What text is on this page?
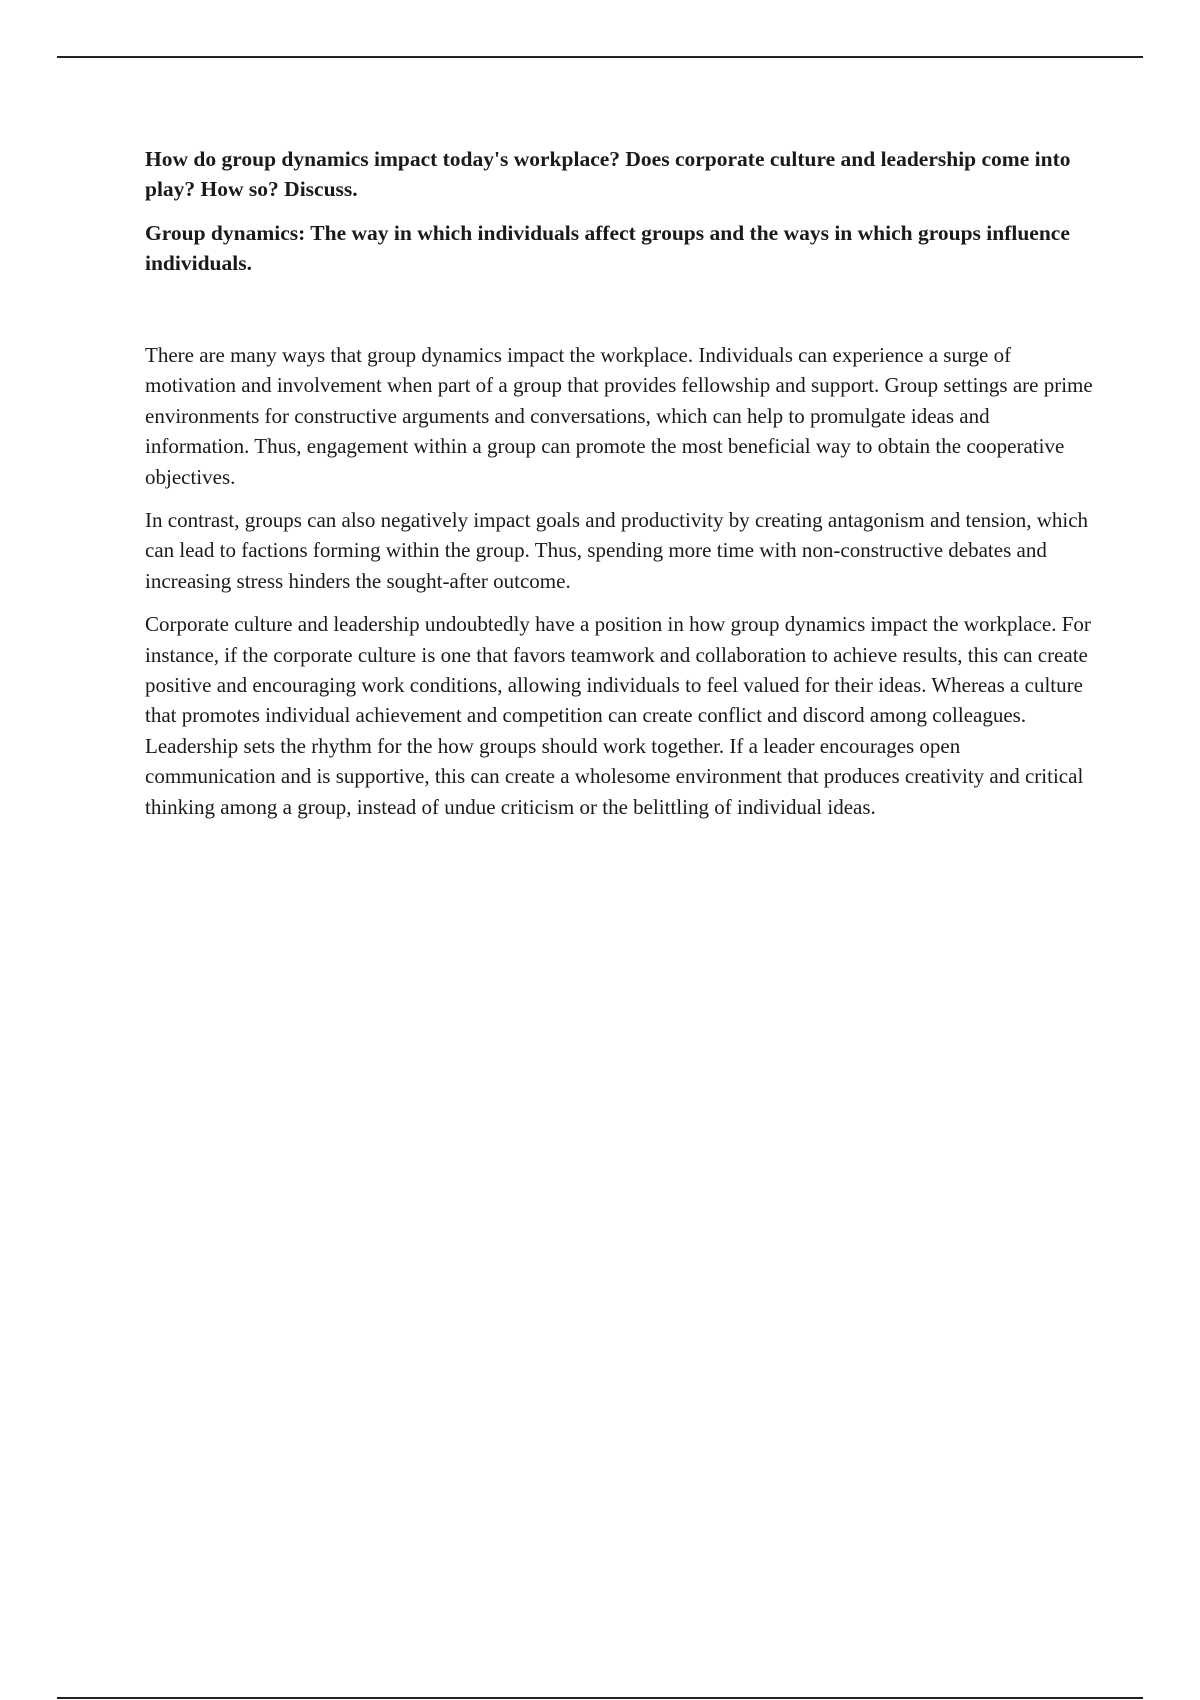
How do group dynamics impact today's workplace? Does corporate culture and leadership come into play? How so? Discuss.

Group dynamics: The way in which individuals affect groups and the ways in which groups influence individuals.

There are many ways that group dynamics impact the workplace. Individuals can experience a surge of motivation and involvement when part of a group that provides fellowship and support. Group settings are prime environments for constructive arguments and conversations, which can help to promulgate ideas and information. Thus, engagement within a group can promote the most beneficial way to obtain the cooperative objectives.

In contrast, groups can also negatively impact goals and productivity by creating antagonism and tension, which can lead to factions forming within the group. Thus, spending more time with non-constructive debates and increasing stress hinders the sought-after outcome.

Corporate culture and leadership undoubtedly have a position in how group dynamics impact the workplace. For instance, if the corporate culture is one that favors teamwork and collaboration to achieve results, this can create positive and encouraging work conditions, allowing individuals to feel valued for their ideas. Whereas a culture that promotes individual achievement and competition can create conflict and discord among colleagues. Leadership sets the rhythm for the how groups should work together. If a leader encourages open communication and is supportive, this can create a wholesome environment that produces creativity and critical thinking among a group, instead of undue criticism or the belittling of individual ideas.
